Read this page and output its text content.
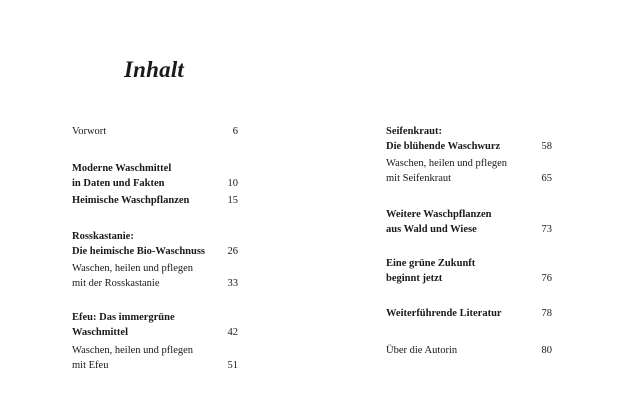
Inhalt
Vorwort	6
Moderne Waschmittel
in Daten und Fakten	10
Heimische Waschpflanzen	15
Rosskastanie:
Die heimische Bio-Waschnuss	26
Waschen, heilen und pflegen
mit der Rosskastanie	33
Efeu: Das immergrüne
Waschmittel	42
Waschen, heilen und pflegen
mit Efeu	51
Seifenkraut:
Die blühende Waschwurz	58
Waschen, heilen und pflegen
mit Seifenkraut	65
Weitere Waschpflanzen
aus Wald und Wiese	73
Eine grüne Zukunft
beginnt jetzt	76
Weiterführende Literatur	78
Über die Autorin	80
